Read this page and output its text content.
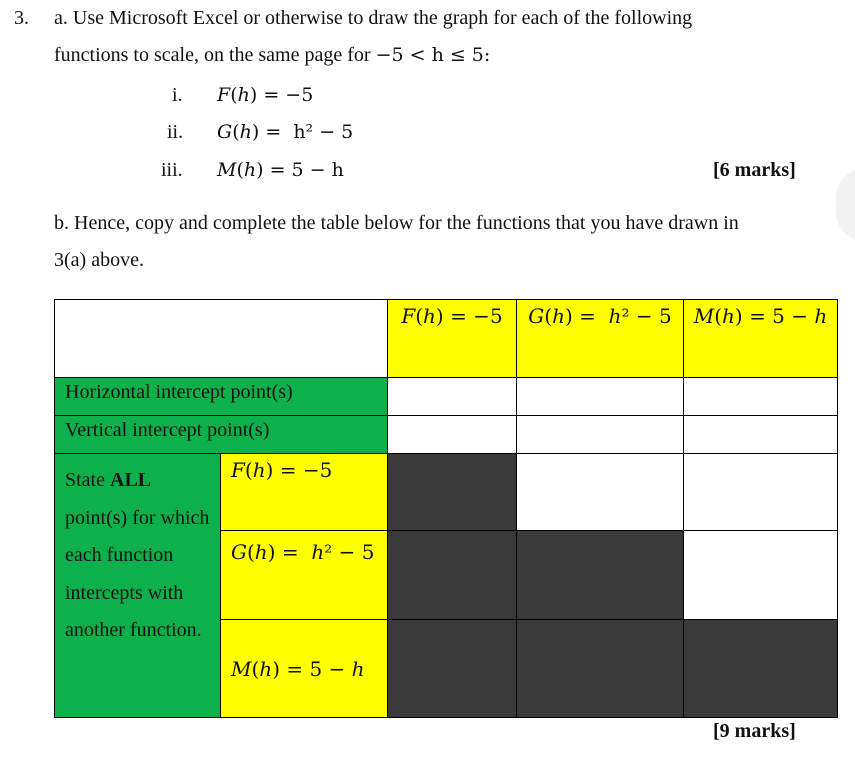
3. a. Use Microsoft Excel or otherwise to draw the graph for each of the following
functions to scale, on the same page for −5 < h ≤ 5:
i. F(h) = −5
ii. G(h) =  h² − 5
iii. M(h) = 5 − h	[6 marks]
b. Hence, copy and complete the table below for the functions that you have drawn in
3(a) above.
		F(h) = −5	G(h) =  h² − 5	M(h) = 5 − h
Horizontal intercept point(s)				
Vertical intercept point(s)				
State ALL
point(s) for which each function intercepts with another function.	F(h) = −5			
	G(h) =  h² − 5			
	M(h) = 5 − h			
[9 marks]
